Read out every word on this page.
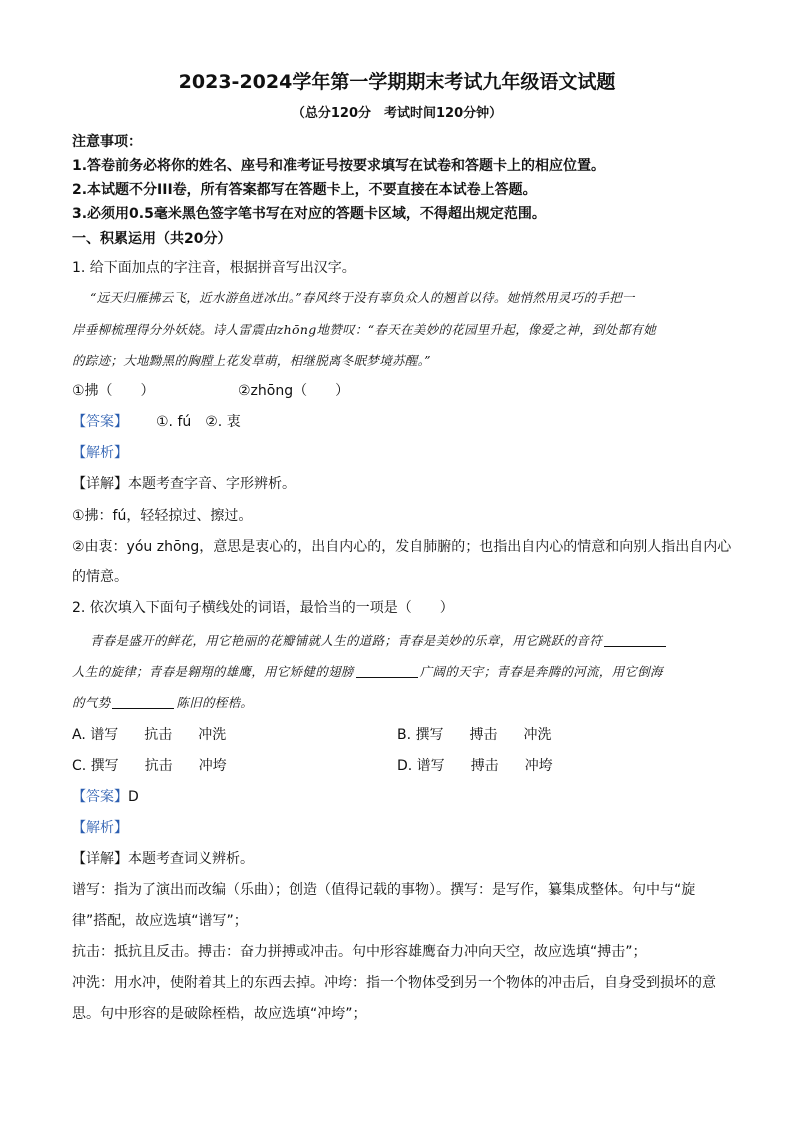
2023-2024学年第一学期期末考试九年级语文试题
（总分120分　考试时间120分钟）
注意事项：
1.答卷前务必将你的姓名、座号和准考证号按要求填写在试卷和答题卡上的相应位置。
2.本试题不分III卷，所有答案都写在答题卡上，不要直接在本试卷上答题。
3.必须用0.5毫米黑色签字笔书写在对应的答题卡区域，不得超出规定范围。
一、积累运用（共20分）
1. 给下面加点的字注音，根据拼音写出汉字。
“远天归雁拂云飞，近水游鱼迸冰出。”春风终于没有辜负众人的翘首以待。她悄然用灵巧的手把一
岸垂柳梳理得分外妖娆。诗人雷震由zhōng地赞叹：“春天在美妙的花园里升起，像爱之神，到处都有她
的踪迹；大地黝黑的胸膛上花发草萌，相继脱离冬眠梦境苏醒。”
①拂（　　）	②zhōng（　　）
【答案】 ①. fú　②. 衷
【解析】
【详解】本题考查字音、字形辨析。
①拂：fú，轻轻掠过、擦过。
②由衷：yóu zhōng，意思是衷心的，出自内心的，发自肺腑的；也指出自内心的情意和向别人指出自内心
的情意。
2. 依次填入下面句子横线处的词语，最恰当的一项是（　　）
青春是盛开的鲜花，用它艳丽的花瓣铺就人生的道路；青春是美妙的乐章，用它跳跃的音符
人生的旋律；青春是翱翔的雄鹰，用它矫健的翅膀	广阔的天宇；青春是奔腾的河流，用它倒海
的气势	陈旧的桎梏。
A. 谱写 抗击 冲洗	B. 撰写 搏击 冲洗
C. 撰写 抗击 冲垮	D. 谱写 搏击 冲垮
【答案】D
【解析】
【详解】本题考查词义辨析。
谱写：指为了演出而改编（乐曲）；创造（值得记载的事物）。撰写：是写作，纂集成整体。句中与“旋
律”搭配，故应选填“谱写”；
抗击：抵抗且反击。搏击：奋力拼搏或冲击。句中形容雄鹰奋力冲向天空，故应选填“搏击”；
冲洗：用水冲，使附着其上的东西去掉。冲垮：指一个物体受到另一个物体的冲击后，自身受到损坏的意
思。句中形容的是破除桎梏，故应选填“冲垮”；
